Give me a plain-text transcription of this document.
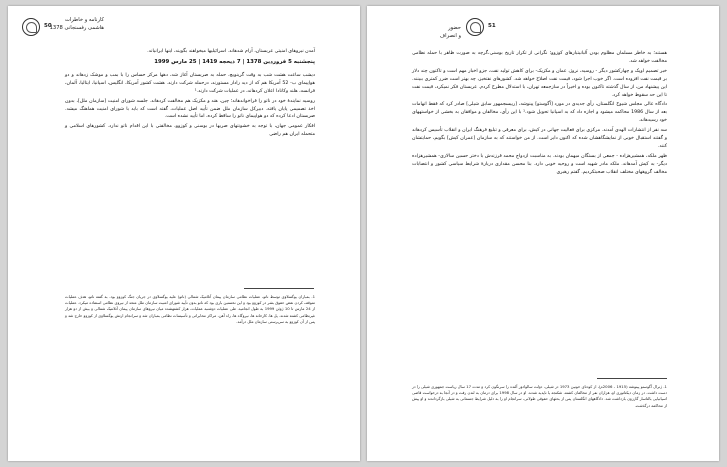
50
کارنامه و خاطرات
هاشمی رفسنجانی 1378

آمدن نیروهای امنیتی عربستان، آرام شدهاند. اسرائیلیها میخواهند بگویند، اینها ایرانیاند.

پنجشنبه 5 فروردین 1378 | 7 ذیحجه 1419 | 25 مارس 1999

دیشب ساعت هشت شب به وقت گرینویچ، حمله به صربستان آغاز شد، دهها مرکز حساس را با بمب و موشک زدهاند و دو هواپیمای ب- 52 آمریکا هم که از دید رادار مستورند، درحمله شرکت دارند. هشت کشور آمریکا، انگلیس، اسپانیا، ایتالیا، آلمان، فرانسه، هلند وکانادا اعلان کردهاند، در عملیات شرکت دارند.¹

روسیه نمایندۀ خود در ناتو را فراخواندهاند؛ چین، هند و مکزیک هم مخالفت کردهاند. جلسه شورای امنیت [سازمان ملل]، بدون اخذ تصمیمی پایان یافته. دبیرکل سازمان ملل ضمن تأیید اصل عملیات، گفته است که باید با شورای امنیت هماهنگ میشد. صربستان ادعا کرده که دو هواپیمای ناتو را ساقط کرده، اما تأیید نشده است.

افکار عمومی جهان، با توجه به خشونتهای صربها در بوسنی و کوزوو، مخالفتی با این اقدام ناتو ندارد. کشورهای اسلامی و متحمله ایران هم راضی

1. بمباران یوگسلاوی توسط ناتو، عملیات نظامی سازمان پیمان آتلانتیک شمالی (ناتو) علیه یوگسلاوی در جریان جنگ کوزوو بود. به گفته ناتو، هدف عملیات متوقف کردن نقض حقوق بشر در کوزوو بود و این نخستین باری بود که ناتو بدون تأیید شورای امنیت سازمان ملل متحد از نیروی نظامی استفاده میکرد. عملیات از 24 مارس تا 10 ژوئن 1999 به طول انجامید. طی عملیات دوشنبه عملیات، هزار کشتهشده میان نیروهای سازمان پیمان آتلانتیک شمالی و بیش از دو هزار غیرنظامی کشته شدند. پل ها، کارخانه ها، نیروگاه ها، راه آهن، مراکز مخابراتی و تأسیسات نظامی بمباران شد و سرانجام ارتش یوگسلاوی از کوزوو خارج شد و پس از آن کوزوو به سرپرستی سازمان ملل درآمد.
51
حضور
و انصراف

هستند؛ به خاطر مسلمان مظلوم بودن آلبانیتبارهای کوزوو؛ نگرانی از تکرار تاریخ بوسنی،گرچه به صورت ظاهر با حمله نظامی مخالفت خواهد شد.

خبر تصمیم اوپک و چهارکشور دیگر - روسیه، نروژ، عمان و مکزیک- برای کاهش تولید نفت، جزو اخبار مهم است و تاکنون چند دلار بر قیمت نفت افزوده است. اگر خوب اجرا شود، قیمت نفت اصلاح خواهد شد. کشورهای نفتخیز، چه بهتر است ضرر کمتری ببینند. این پیشنهاد من، از سال گذشته تاکنون بوده و اخیراً در سازجمعه تهران، با استدلال مطرح کردم. عربستان فکر نمیکرد، قیمت نفت تا این حد سقوط خواهد کرد.

دادگاه عالی مجلس شیوخ انگلستان، رأی جدیدی در مورد [آگوستو] پینوشه، [رییسجمهور سابق شیلی] صادر کرد که فقط اتهامات بعد از سال 1986 محاکمه میشود و اجازه داد که به اسپانیا تحویل شود.¹ با این رأی، مخالفان و موافقان به بخشی از خواستههای خود رسیدهاند.

سه نفر از انتشارات الهدی آمدند. مرکزی برای فعالیت جهانی در کیش، برای معرفی و تبلیغ فرهنگ ایران و انقلاب تأسیس کردهاند و گفتند استقبال خوبی از نمایشگاهشان شده که اکنون دایر است. از من خواستند که به سازمان [عمران کیش] بگویم، حمایتشان کنند.

ظهر ملکه، همشیرهزاده - جمعی از بستگان میهمان بودند. به مناسبت ازدواج محمد فرزندش با دختر حسین سالاری- همشیرهزاده دیگر- به کیش آمدهاند. ملکه مادر شهید است و روحیه خوبی دارد. بنا محسن مقداری دربارۀ شرایط سیاسی کشور و انتصابات مخالف گروههای مختلف انقلاب صحبتکردیم. گفتم رهبری

1. ژنرال آگوستو پینوشه (1915 - 2006م)، از کودتای خونین 1973 در شیلی، دولت سالوادور آلنده را سرنگون کرد و مدت 17 سال ریاست جمهوری شیلی را در دست داشت. در زمان دیکتاتوری او، هزاران نفر از مخالفان کشته، شکنجه یا ناپدید شدند. او در سال 1998 برای درمان به لندن رفت و در آنجا به درخواست قاضی اسپانیایی بالتاسار گارزون بازداشت شد. دادگاههای انگلستان پس از بحثهای حقوقی طولانی، سرانجام او را به دلیل شرایط جسمانی به شیلی بازگرداندند و او پیش از محاکمه درگذشت.
